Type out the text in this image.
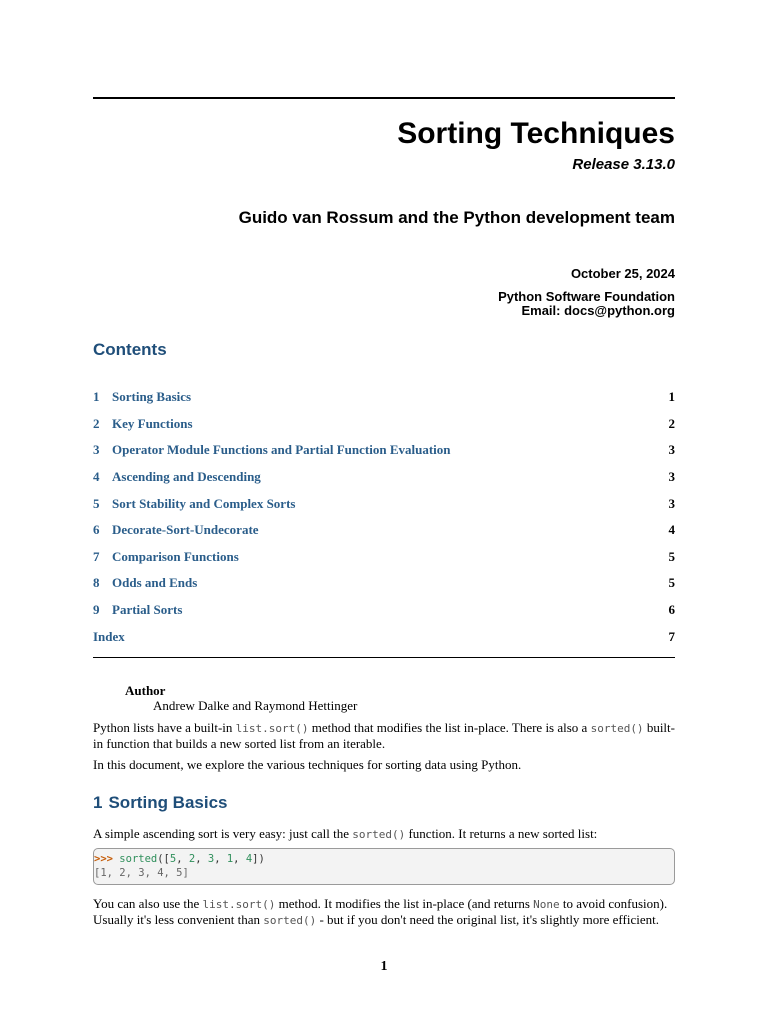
Sorting Techniques
Release 3.13.0
Guido van Rossum and the Python development team
October 25, 2024
Python Software Foundation
Email: docs@python.org
Contents
1 Sorting Basics	1
2 Key Functions	2
3 Operator Module Functions and Partial Function Evaluation	3
4 Ascending and Descending	3
5 Sort Stability and Complex Sorts	3
6 Decorate-Sort-Undecorate	4
7 Comparison Functions	5
8 Odds and Ends	5
9 Partial Sorts	6
Index	7
Author
Andrew Dalke and Raymond Hettinger
Python lists have a built-in list.sort() method that modifies the list in-place. There is also a sorted() built-in function that builds a new sorted list from an iterable.
In this document, we explore the various techniques for sorting data using Python.
1 Sorting Basics
A simple ascending sort is very easy: just call the sorted() function. It returns a new sorted list:
>>> sorted([5, 2, 3, 1, 4])
[1, 2, 3, 4, 5]
You can also use the list.sort() method. It modifies the list in-place (and returns None to avoid confusion). Usually it's less convenient than sorted() - but if you don't need the original list, it's slightly more efficient.
1
